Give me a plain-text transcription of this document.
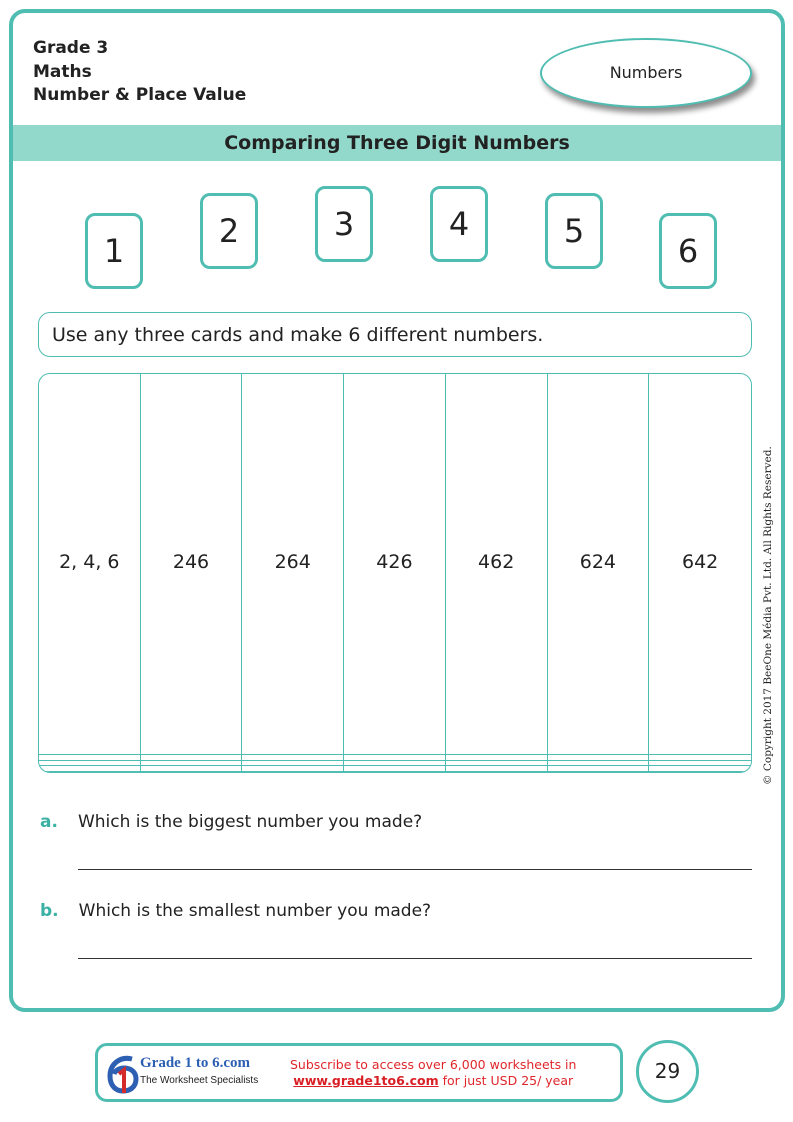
Grade 3
Maths
Number & Place Value
Numbers
Comparing Three Digit Numbers
1
2	3	4	5
6
Use any three cards and make 6 different numbers.
2, 4, 6	246	264	426	462	624	642

a. Which is the biggest number you made?
b. Which is the smallest number you made?
© Copyright 2017 BeeOne Média Pvt. Ltd. All Rights Reserved.
Grade 1 to 6.com
The Worksheet Specialists
Subscribe to access over 6,000 worksheets in
www.grade1to6.com for just USD 25/ year	29
